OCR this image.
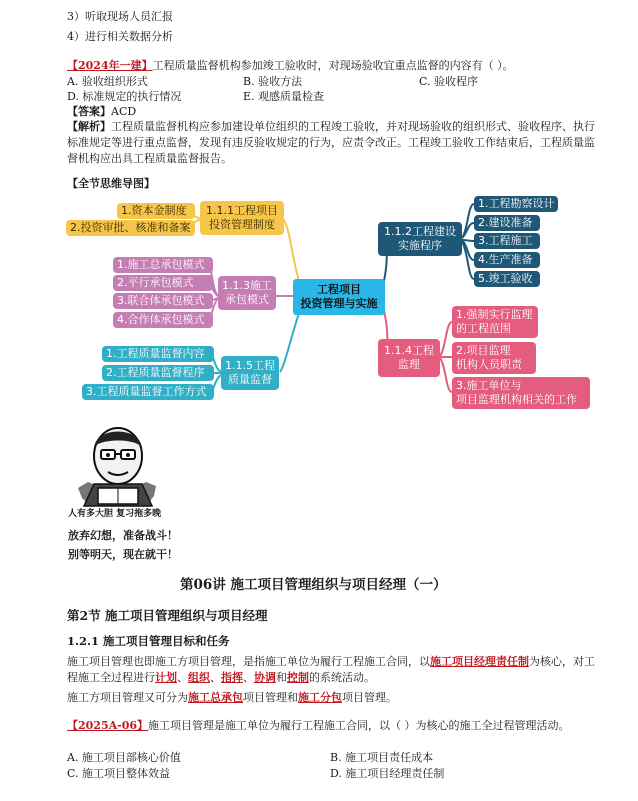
3）听取现场人员汇报
4）进行相关数据分析
【2024年一建】工程质量监督机构参加竣工验收时，对现场验收宜重点监督的内容有（ ）。
A. 验收组织形式	B. 验收方法	C. 验收程序
D. 标准规定的执行情况	E. 观感质量检查
【答案】ACD
【解析】工程质量监督机构应参加建设单位组织的工程竣工验收，并对现场验收的组织形式、验收程序、执行标准规定等进行重点监督，发现有违反验收规定的行为，应责令改正。工程竣工验收工作结束后，工程质量监督机构应出具工程质量监督报告。
【全节思维导图】
1.资本金制度
2.投资审批、核准和备案
1.1.1工程项目
投资管理制度
1.施工总承包模式
2.平行承包模式
3.联合体承包模式
4.合作体承包模式
1.1.3施工
承包模式
1.工程质量监督内容
2.工程质量监督程序
3.工程质量监督工作方式
1.1.5工程
质量监督
工程项目
投资管理与实施
1.1.2工程建设
实施程序
1.工程勘察设计
2.建设准备
3.工程施工
4.生产准备
5.竣工验收
1.1.4工程
监理
1.强制实行监理
的工程范围
2.项目监理
机构人员职责
3.施工单位与
项目监理机构相关的工作
人有多大胆 复习拖多晚
放弃幻想，准备战斗！
别等明天，现在就干！
第06讲 施工项目管理组织与项目经理（一）
第2节 施工项目管理组织与项目经理
1.2.1 施工项目管理目标和任务
施工项目管理也即施工方项目管理，是指施工单位为履行工程施工合同，以施工项目经理责任制为核心，对工程施工全过程进行计划、组织、指挥、协调和控制的系统活动。
施工方项目管理又可分为施工总承包项目管理和施工分包项目管理。
【2025A-06】施工项目管理是施工单位为履行工程施工合同，以（ ）为核心的施工全过程管理活动。
A. 施工项目部核心价值	B. 施工项目责任成本
C. 施工项目整体效益	D. 施工项目经理责任制
